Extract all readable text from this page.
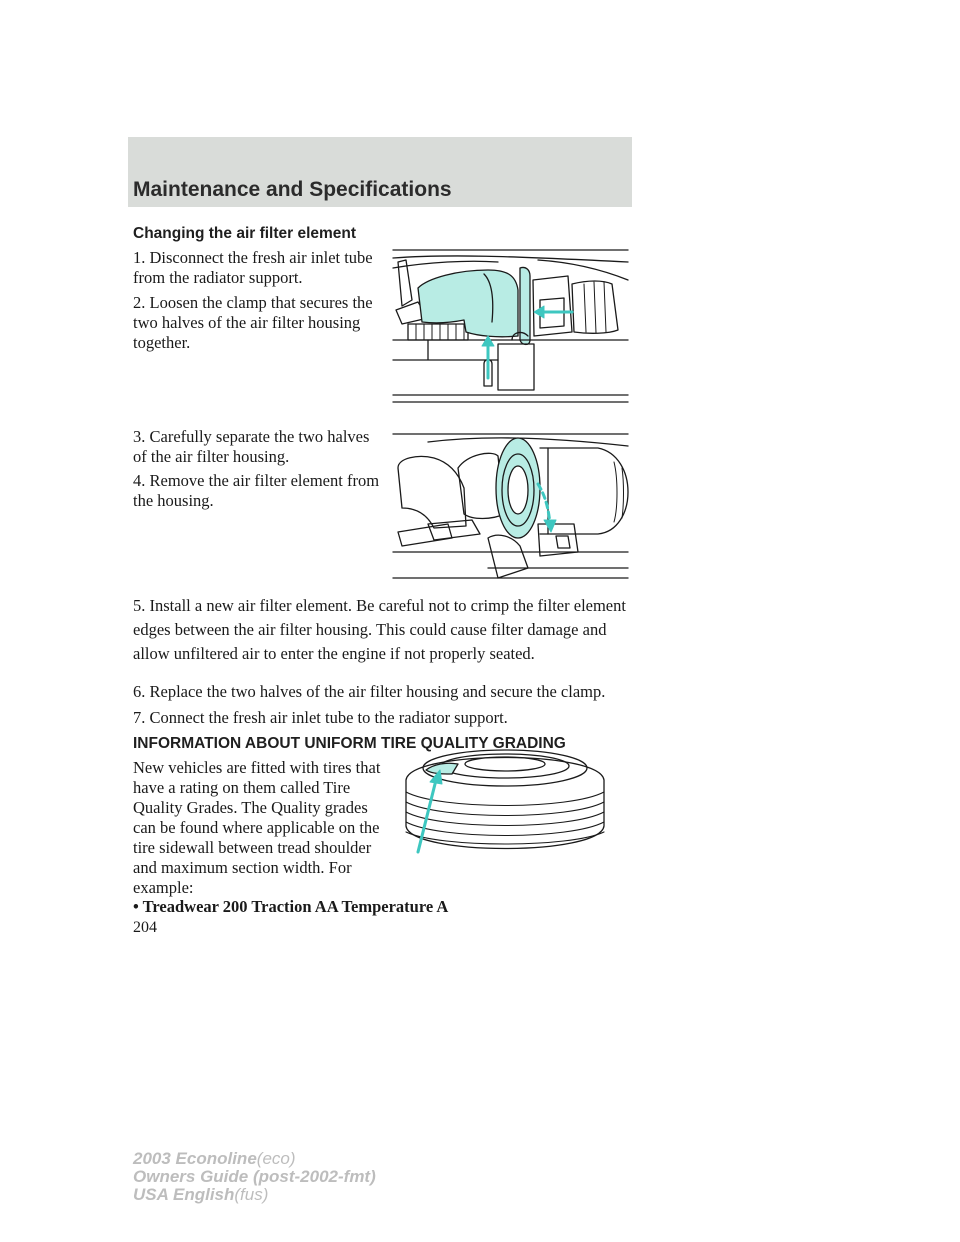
Maintenance and Specifications
Changing the air filter element

1. Disconnect the fresh air inlet tube from the radiator support.

2. Loosen the clamp that secures the two halves of the air filter housing together.

3. Carefully separate the two halves of the air filter housing.

4. Remove the air filter element from the housing.

5. Install a new air filter element. Be careful not to crimp the filter element edges between the air filter housing. This could cause filter damage and allow unfiltered air to enter the engine if not properly seated.

6. Replace the two halves of the air filter housing and secure the clamp.

7. Connect the fresh air inlet tube to the radiator support.

INFORMATION ABOUT UNIFORM TIRE QUALITY GRADING

New vehicles are fitted with tires that have a rating on them called Tire Quality Grades. The Quality grades can be found where applicable on the tire sidewall between tread shoulder and maximum section width. For example:

• Treadwear 200 Traction AA Temperature A

204

2003 Econoline(eco)
Owners Guide (post-2002-fmt)
USA English(fus)
